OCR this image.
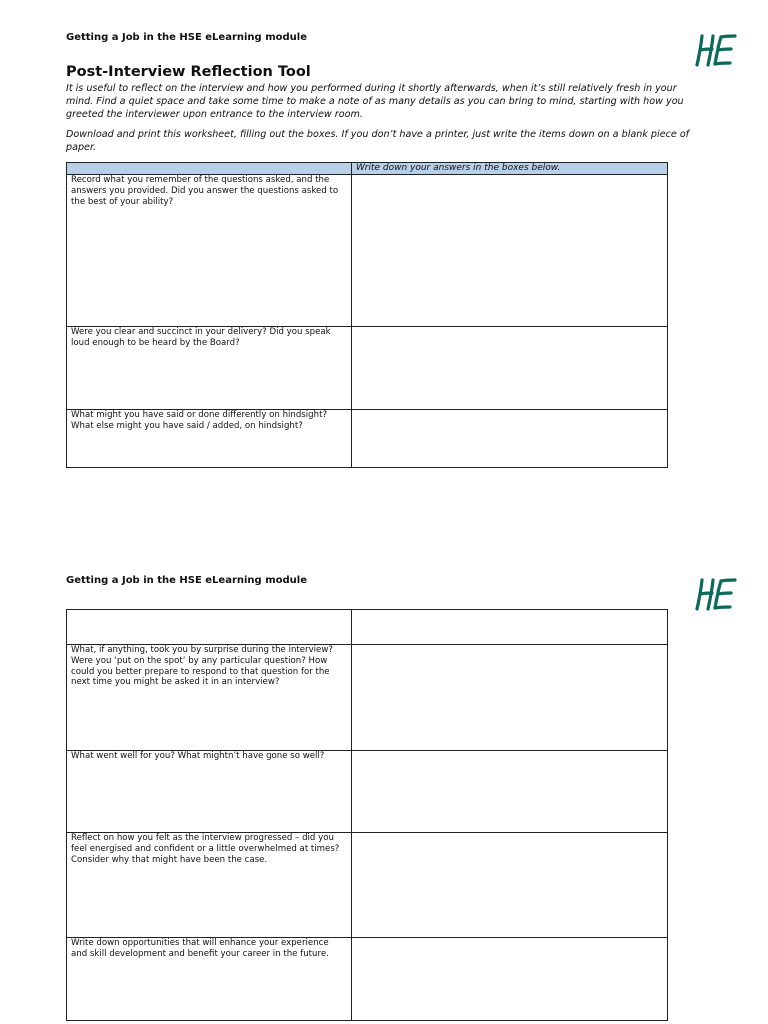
Getting a Job in the HSE eLearning module
Post-Interview Reflection Tool
It is useful to reflect on the interview and how you performed during it shortly afterwards, when it’s still relatively fresh in your mind. Find a quiet space and take some time to make a note of as many details as you can bring to mind, starting with how you greeted the interviewer upon entrance to the interview room.
Download and print this worksheet, filling out the boxes. If you don’t have a printer, just write the items down on a blank piece of paper.
	Write down your answers in the boxes below.
Record what you remember of the questions asked, and the answers you provided. Did you answer the questions asked to the best of your ability?	
Were you clear and succinct in your delivery? Did you speak loud enough to be heard by the Board?	
What might you have said or done differently on hindsight? What else might you have said / added, on hindsight?	
Getting a Job in the HSE eLearning module

What, if anything, took you by surprise during the interview? Were you ‘put on the spot’ by any particular question? How could you better prepare to respond to that question for the next time you might be asked it in an interview?	
What went well for you? What mightn’t have gone so well?	
Reflect on how you felt as the interview progressed – did you feel energised and confident or a little overwhelmed at times? Consider why that might have been the case.	
Write down opportunities that will enhance your experience and skill development and benefit your career in the future.	
